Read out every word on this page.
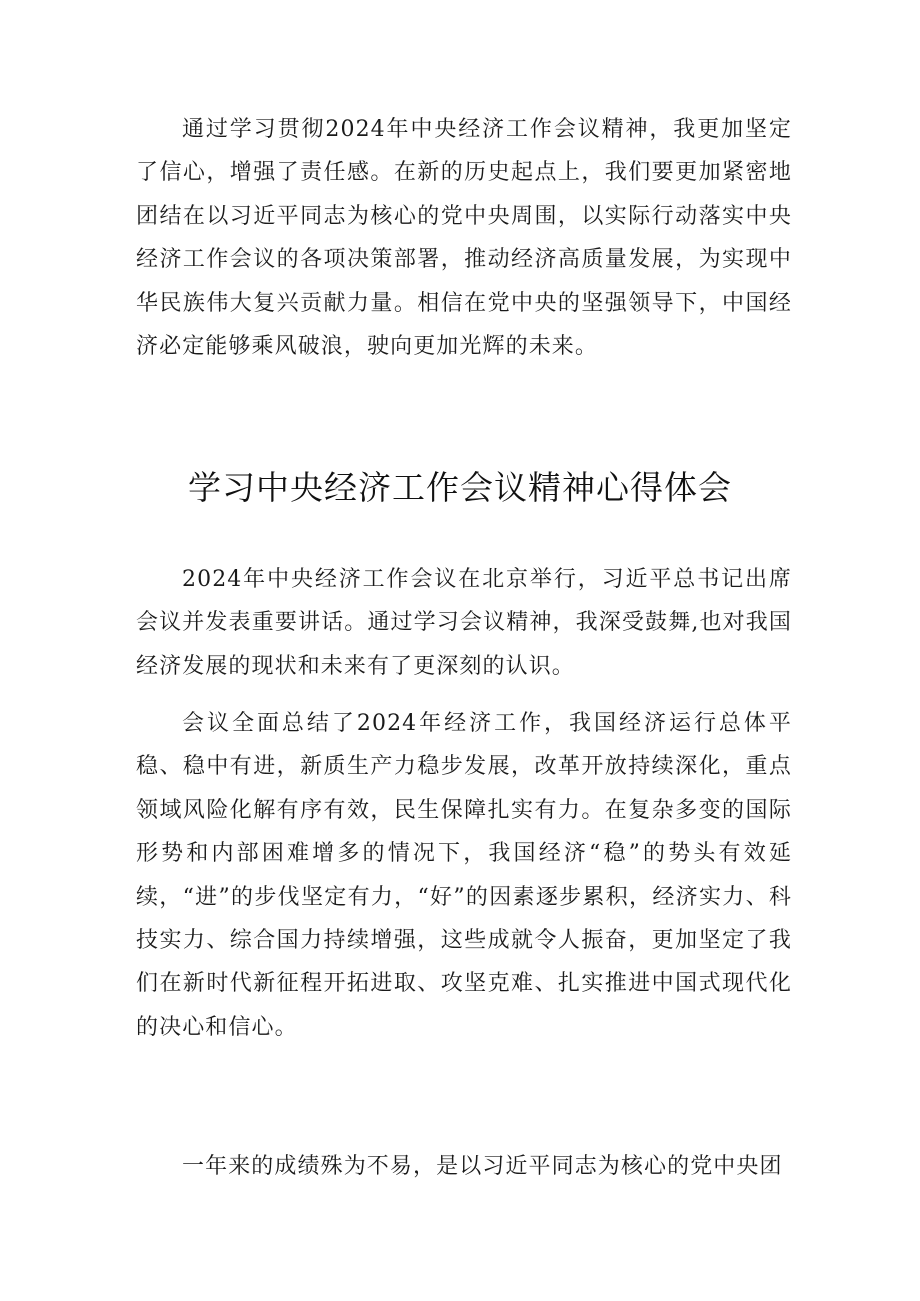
通过学习贯彻2024年中央经济工作会议精神，我更加坚定了信心，增强了责任感。在新的历史起点上，我们要更加紧密地团结在以习近平同志为核心的党中央周围，以实际行动落实中央经济工作会议的各项决策部署，推动经济高质量发展，为实现中华民族伟大复兴贡献力量。相信在党中央的坚强领导下，中国经济必定能够乘风破浪，驶向更加光辉的未来。

学习中央经济工作会议精神心得体会

2024年中央经济工作会议在北京举行，习近平总书记出席会议并发表重要讲话。通过学习会议精神，我深受鼓舞,也对我国经济发展的现状和未来有了更深刻的认识。

会议全面总结了2024年经济工作，我国经济运行总体平稳、稳中有进，新质生产力稳步发展，改革开放持续深化，重点领域风险化解有序有效，民生保障扎实有力。在复杂多变的国际形势和内部困难增多的情况下，我国经济“稳”的势头有效延续，“进”的步伐坚定有力，“好”的因素逐步累积，经济实力、科技实力、综合国力持续增强，这些成就令人振奋，更加坚定了我们在新时代新征程开拓进取、攻坚克难、扎实推进中国式现代化的决心和信心。

一年来的成绩殊为不易，是以习近平同志为核心的党中央团
